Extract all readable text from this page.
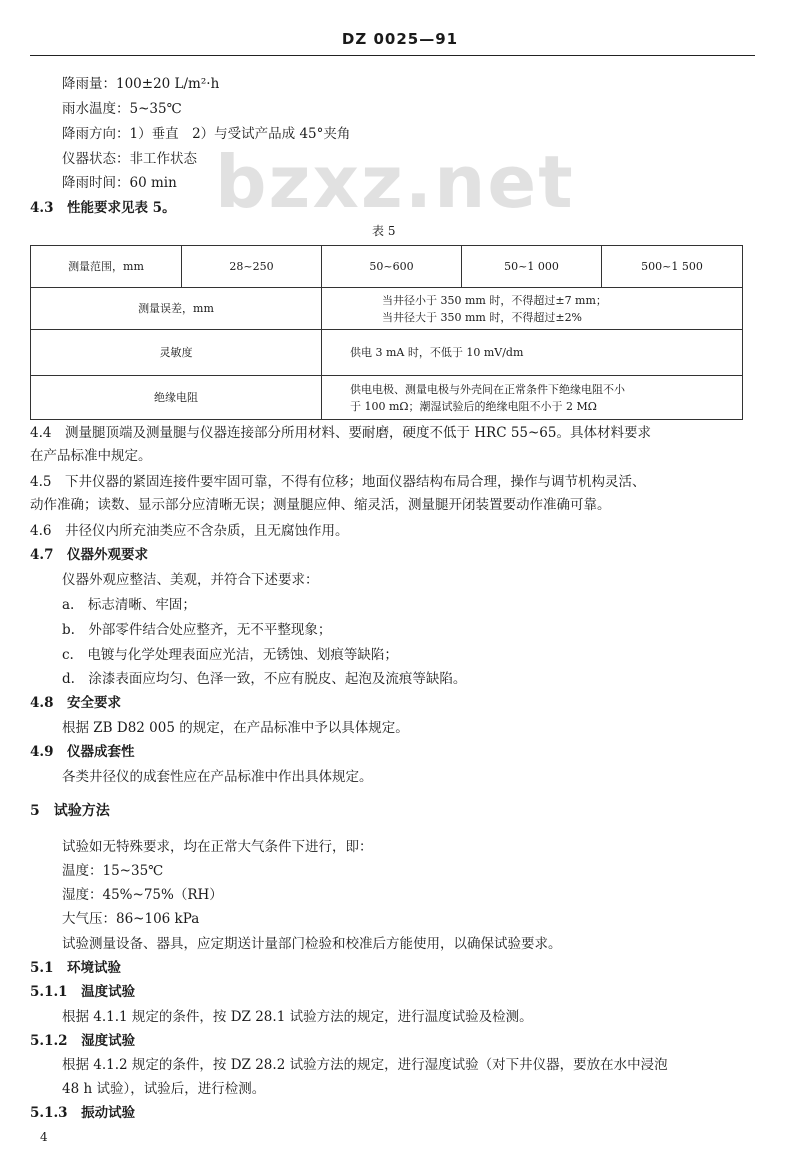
DZ 0025—91
bzxz.net
降雨量：100±20 L/m²·h
雨水温度：5~35℃
降雨方向：1）垂直　2）与受试产品成 45°夹角
仪器状态：非工作状态
降雨时间：60 min
4.3　性能要求见表 5。
表 5
测量范围，mm	28~250	50~600	50~1 000	500~1 500
测量误差，mm		当井径小于 350 mm 时，不得超过±7 mm；
当井径大于 350 mm 时，不得超过±2%		

灵敏度		供电 3 mA 时，不低于 10 mV/dm		
绝缘电阻		供电电极、测量电极与外壳间在正常条件下绝缘电阻不小
于 100 mΩ；潮湿试验后的绝缘电阻不小于 2 MΩ		
4.4　测量腿顶端及测量腿与仪器连接部分所用材料、要耐磨，硬度不低于 HRC 55~65。具体材料要求
在产品标准中规定。
4.5　下井仪器的紧固连接件要牢固可靠，不得有位移；地面仪器结构布局合理，操作与调节机构灵活、
动作准确；读数、显示部分应清晰无误；测量腿应伸、缩灵活，测量腿开闭装置要动作准确可靠。
4.6　井径仪内所充油类应不含杂质，且无腐蚀作用。
4.7　仪器外观要求
仪器外观应整洁、美观，并符合下述要求：
a.　标志清晰、牢固；
b.　外部零件结合处应整齐，无不平整现象；
c.　电镀与化学处理表面应光洁，无锈蚀、划痕等缺陷；
d.　涂漆表面应均匀、色泽一致，不应有脱皮、起泡及流痕等缺陷。
4.8　安全要求
根据 ZB D82 005 的规定，在产品标准中予以具体规定。
4.9　仪器成套性
各类井径仪的成套性应在产品标准中作出具体规定。
5　试验方法
试验如无特殊要求，均在正常大气条件下进行，即：
温度：15~35℃
湿度：45%~75%（RH）
大气压：86~106 kPa
试验测量设备、器具，应定期送计量部门检验和校准后方能使用，以确保试验要求。
5.1　环境试验
5.1.1　温度试验
根据 4.1.1 规定的条件，按 DZ 28.1 试验方法的规定，进行温度试验及检测。
5.1.2　湿度试验
根据 4.1.2 规定的条件，按 DZ 28.2 试验方法的规定，进行湿度试验（对下井仪器，要放在水中浸泡
48 h 试验），试验后，进行检测。
5.1.3　振动试验
4
